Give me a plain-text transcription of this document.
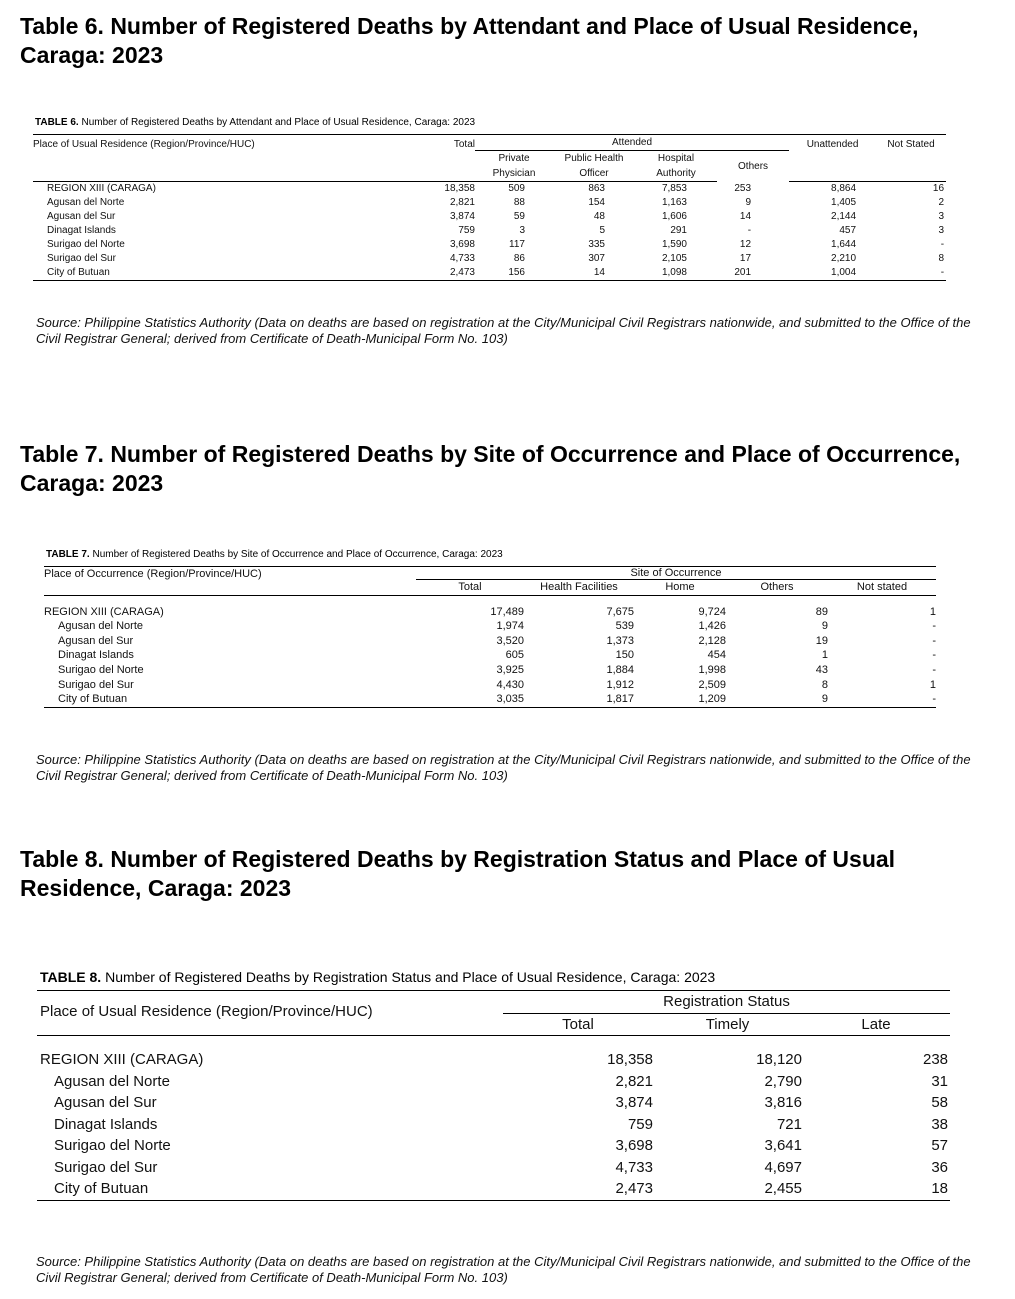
Table 6. Number of Registered Deaths by Attendant and Place of Usual Residence, Caraga: 2023
TABLE 6. Number of Registered Deaths by Attendant and Place of Usual Residence, Caraga: 2023
Place of Usual Residence (Region/Province/HUC)	Total	Attended				Unattended	Not Stated
		Private	Public Health	Hospital	Others		
		Physician	Officer	Authority			
REGION XIII (CARAGA)	18,358	509	863	7,853	253	8,864	16
Agusan del Norte	2,821	88	154	1,163	9	1,405	2
Agusan del Sur	3,874	59	48	1,606	14	2,144	3
Dinagat Islands	759	3	5	291	-	457	3
Surigao del Norte	3,698	117	335	1,590	12	1,644	-
Surigao del Sur	4,733	86	307	2,105	17	2,210	8
City of Butuan	2,473	156	14	1,098	201	1,004	-
Source: Philippine Statistics Authority (Data on deaths are based on registration at the City/Municipal Civil Registrars nationwide, and submitted to the Office of the Civil Registrar General; derived from Certificate of Death-Municipal Form No. 103)
Table 7. Number of Registered Deaths by Site of Occurrence and Place of Occurrence, Caraga: 2023
TABLE 7. Number of Registered Deaths by Site of Occurrence and Place of Occurrence, Caraga: 2023
Place of Occurrence (Region/Province/HUC)	Site of Occurrence				
	Total	Health Facilities	Home	Others	Not stated

REGION XIII (CARAGA)	17,489	7,675	9,724	89	1
Agusan del Norte	1,974	539	1,426	9	-
Agusan del Sur	3,520	1,373	2,128	19	-
Dinagat Islands	605	150	454	1	-
Surigao del Norte	3,925	1,884	1,998	43	-
Surigao del Sur	4,430	1,912	2,509	8	1
City of Butuan	3,035	1,817	1,209	9	-
Source: Philippine Statistics Authority (Data on deaths are based on registration at the City/Municipal Civil Registrars nationwide, and submitted to the Office of the Civil Registrar General; derived from Certificate of Death-Municipal Form No. 103)
Table 8. Number of Registered Deaths by Registration Status and Place of Usual Residence, Caraga: 2023
TABLE 8. Number of Registered Deaths by Registration Status and Place of Usual Residence, Caraga: 2023
Place of Usual Residence (Region/Province/HUC)	Registration Status		
	Total	Timely	Late

REGION XIII (CARAGA)	18,358	18,120	238
Agusan del Norte	2,821	2,790	31
Agusan del Sur	3,874	3,816	58
Dinagat Islands	759	721	38
Surigao del Norte	3,698	3,641	57
Surigao del Sur	4,733	4,697	36
City of Butuan	2,473	2,455	18
Source: Philippine Statistics Authority (Data on deaths are based on registration at the City/Municipal Civil Registrars nationwide, and submitted to the Office of the Civil Registrar General; derived from Certificate of Death-Municipal Form No. 103)
